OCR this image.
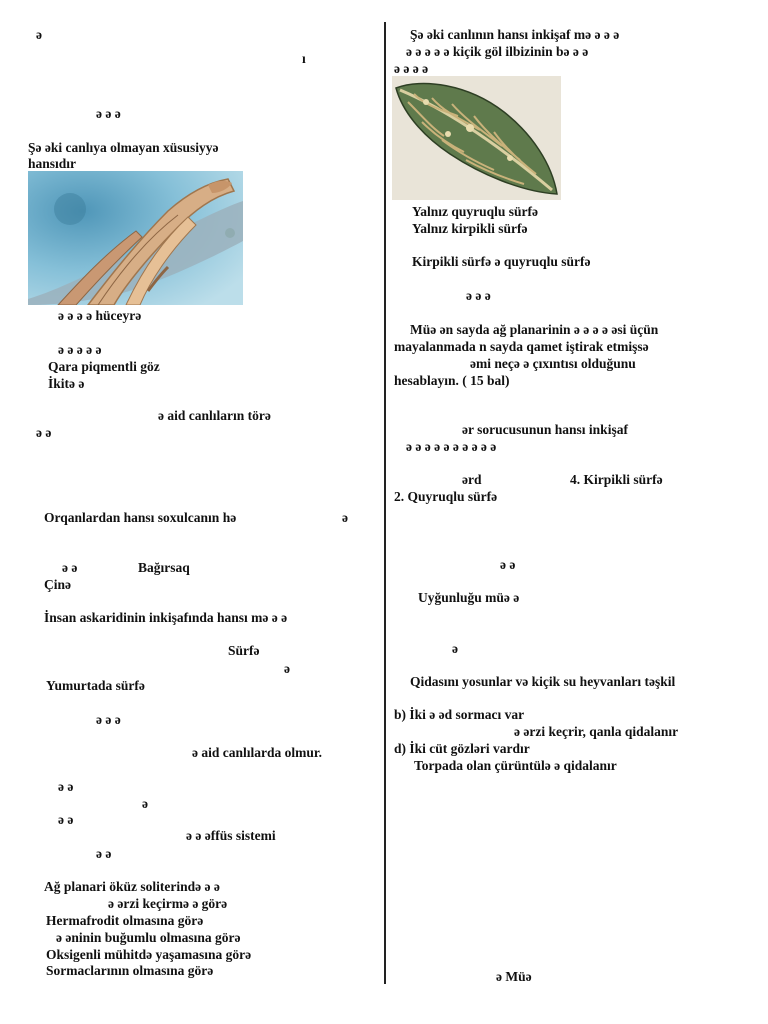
ə
ı
ə ə ə
Şə əki canlıya olmayan xüsusiyyə
hansıdır
ə ə ə ə hüceyrə
ə ə ə ə ə
Qara piqmentli göz
İkitə ə
ə aid canlıların törə
ə ə
Orqanlardan hansı soxulcanın hə	ə
ə ə	Bağırsaq
Çinə
İnsan askaridinin inkişafında hansı mə ə ə
Sürfə
ə
Yumurtada sürfə
ə ə ə
ə aid canlılarda olmur.
ə ə
ə
ə ə
ə ə əffüs sistemi
ə ə
Ağ planari öküz soliterində ə ə
ə ərzi keçirmə ə görə
Hermafrodit olmasına görə
ə əninin buğumlu olmasına görə
Oksigenli mühitdə yaşamasına görə
Sormaclarının olmasına görə
Şə əki canlının hansı inkişaf mə ə ə ə
ə ə ə ə ə kiçik göl ilbizinin bə ə ə
ə ə ə ə
Yalnız quyruqlu sürfə
Yalnız kirpikli sürfə
Kirpikli sürfə ə quyruqlu sürfə
ə ə ə
Müə ən sayda ağ planarinin ə ə ə ə əsi üçün
mayalanmada n sayda qamet iştirak etmişsə
əmi neçə ə çıxıntısı olduğunu
hesablayın. ( 15 bal)
ər sorucusunun hansı inkişaf
ə ə ə ə ə ə ə ə ə ə
ərd	4. Kirpikli sürfə
2. Quyruqlu sürfə
ə ə
Uyğunluğu müə ə
ə
Qidasını yosunlar və kiçik su heyvanları təşkil
b) İki ə əd sormacı var
ə ərzi keçrir, qanla qidalanır
d) İki cüt gözləri vardır
Torpada olan çürüntülə ə qidalanır
ə Müə
